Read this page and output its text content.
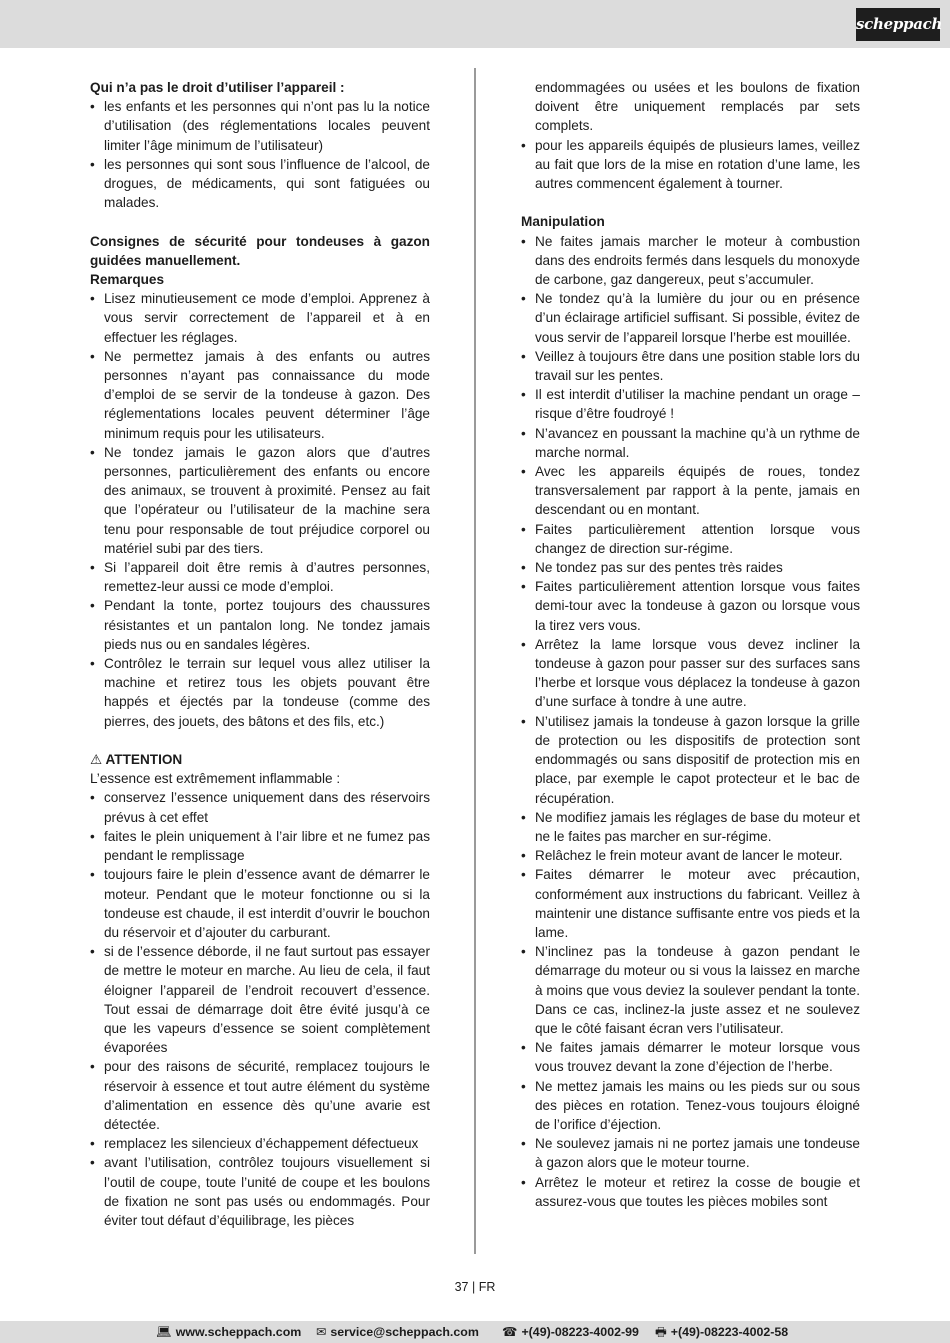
scheppach
Qui n’a pas le droit d’utiliser l’appareil :
• les enfants et les personnes qui n’ont pas lu la notice d’utilisation (des réglementations locales peuvent limiter l’âge minimum de l’utilisateur)
• les personnes qui sont sous l’influence de l’alcool, de drogues, de médicaments, qui sont fatiguées ou malades.
Consignes de sécurité pour tondeuses à gazon guidées manuellement.
Remarques
• Lisez minutieusement ce mode d’emploi. Apprenez à vous servir correctement de l’appareil et à en effectuer les réglages.
• Ne permettez jamais à des enfants ou autres personnes n’ayant pas connaissance du mode d’emploi de se servir de la tondeuse à gazon. Des réglementations locales peuvent déterminer l’âge minimum requis pour les utilisateurs.
• Ne tondez jamais le gazon alors que d’autres personnes, particulièrement des enfants ou encore des animaux, se trouvent à proximité. Pensez au fait que l’opérateur ou l’utilisateur de la machine sera tenu pour responsable de tout préjudice corporel ou matériel subi par des tiers.
• Si l’appareil doit être remis à d’autres personnes, remettez-leur aussi ce mode d’emploi.
• Pendant la tonte, portez toujours des chaussures résistantes et un pantalon long. Ne tondez jamais pieds nus ou en sandales légères.
• Contrôlez le terrain sur lequel vous allez utiliser la machine et retirez tous les objets pouvant être happés et éjectés par la tondeuse (comme des pierres, des jouets, des bâtons et des fils, etc.)
⚠ ATTENTION
L’essence est extrêmement inflammable :
• conservez l’essence uniquement dans des réservoirs prévus à cet effet
• faites le plein uniquement à l’air libre et ne fumez pas pendant le remplissage
• toujours faire le plein d’essence avant de démarrer le moteur. Pendant que le moteur fonctionne ou si la tondeuse est chaude, il est interdit d’ouvrir le bouchon du réservoir et d’ajouter du carburant.
• si de l’essence déborde, il ne faut surtout pas essayer de mettre le moteur en marche. Au lieu de cela, il faut éloigner l’appareil de l’endroit recouvert d’essence. Tout essai de démarrage doit être évité jusqu’à ce que les vapeurs d’essence se soient complètement évaporées
• pour des raisons de sécurité, remplacez toujours le réservoir à essence et tout autre élément du système d’alimentation en essence dès qu’une avarie est détectée.
• remplacez les silencieux d’échappement défectueux
• avant l’utilisation, contrôlez toujours visuellement si l’outil de coupe, toute l’unité de coupe et les boulons de fixation ne sont pas usés ou endommagés. Pour éviter tout défaut d’équilibrage, les pièces
endommagées ou usées et les boulons de fixation doivent être uniquement remplacés par sets complets.
• pour les appareils équipés de plusieurs lames, veillez au fait que lors de la mise en rotation d’une lame, les autres commencent également à tourner.
Manipulation
• Ne faites jamais marcher le moteur à combustion dans des endroits fermés dans lesquels du monoxyde de carbone, gaz dangereux, peut s’accumuler.
• Ne tondez qu’à la lumière du jour ou en présence d’un éclairage artificiel suffisant. Si possible, évitez de vous servir de l’appareil lorsque l’herbe est mouillée.
• Veillez à toujours être dans une position stable lors du travail sur les pentes.
• Il est interdit d’utiliser la machine pendant un orage – risque d’être foudroyé !
• N’avancez en poussant la machine qu’à un rythme de marche normal.
• Avec les appareils équipés de roues, tondez transversalement par rapport à la pente, jamais en descendant ou en montant.
• Faites particulièrement attention lorsque vous changez de direction sur-régime.
• Ne tondez pas sur des pentes très raides
• Faites particulièrement attention lorsque vous faites demi-tour avec la tondeuse à gazon ou lorsque vous la tirez vers vous.
• Arrêtez la lame lorsque vous devez incliner la tondeuse à gazon pour passer sur des surfaces sans l’herbe et lorsque vous déplacez la tondeuse à gazon d’une surface à tondre à une autre.
• N’utilisez jamais la tondeuse à gazon lorsque la grille de protection ou les dispositifs de protection sont endommagés ou sans dispositif de protection mis en place, par exemple le capot protecteur et le bac de récupération.
• Ne modifiez jamais les réglages de base du moteur et ne le faites pas marcher en sur-régime.
• Relâchez le frein moteur avant de lancer le moteur.
• Faites démarrer le moteur avec précaution, conformément aux instructions du fabricant. Veillez à maintenir une distance suffisante entre vos pieds et la lame.
• N’inclinez pas la tondeuse à gazon pendant le démarrage du moteur ou si vous la laissez en marche à moins que vous deviez la soulever pendant la tonte. Dans ce cas, inclinez-la juste assez et ne soulevez que le côté faisant écran vers l’utilisateur.
• Ne faites jamais démarrer le moteur lorsque vous vous trouvez devant la zone d’éjection de l’herbe.
• Ne mettez jamais les mains ou les pieds sur ou sous des pièces en rotation. Tenez-vous toujours éloigné de l’orifice d’éjection.
• Ne soulevez jamais ni ne portez jamais une tondeuse à gazon alors que le moteur tourne.
• Arrêtez le moteur et retirez la cosse de bougie et assurez-vous que toutes les pièces mobiles sont
37 | FR
💻︎ www.scheppach.com ✉︎ service@scheppach.com ☎︎ +(49)-08223-4002-99 🖶︎ +(49)-08223-4002-58
